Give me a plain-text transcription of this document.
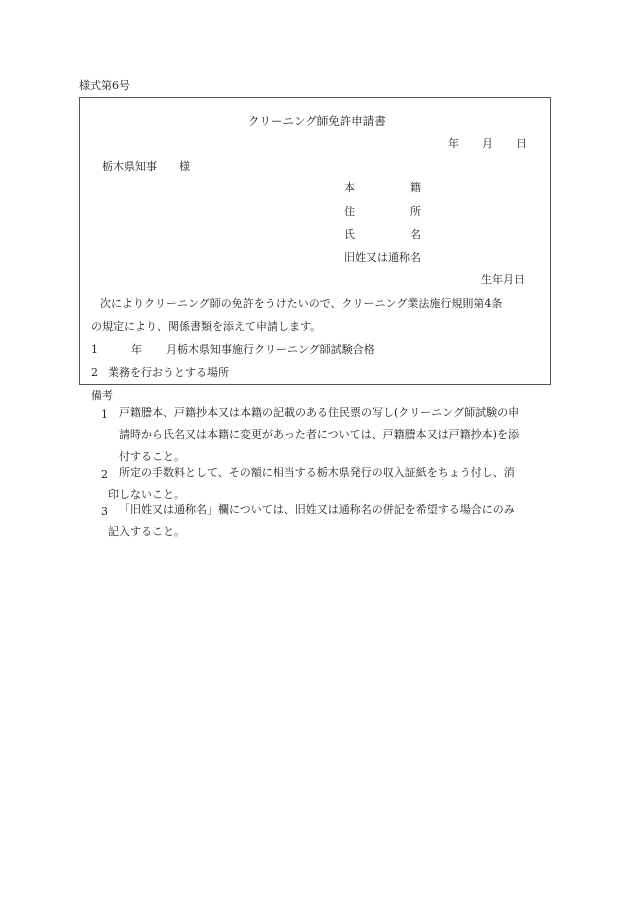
様式第6号
クリーニング師免許申請書
年 月 日
栃木県知事　　様
本	籍
住	所
氏	名
旧姓又は通称名
生年月日
次によりクリーニング師の免許をうけたいので、クリーニング業法施行規則第4条
の規定により、関係書類を添えて申請します。
1	年 月栃木県知事施行クリーニング師試験合格
2 業務を行おうとする場所
備考
1 戸籍謄本、戸籍抄本又は本籍の記載のある住民票の写し(クリーニング師試験の申
請時から氏名又は本籍に変更があった者については、戸籍謄本又は戸籍抄本)を添
付すること。
2 所定の手数料として、その額に相当する栃木県発行の収入証紙をちょう付し、消
印しないこと。
3 「旧姓又は通称名」欄については、旧姓又は通称名の併記を希望する場合にのみ
記入すること。
